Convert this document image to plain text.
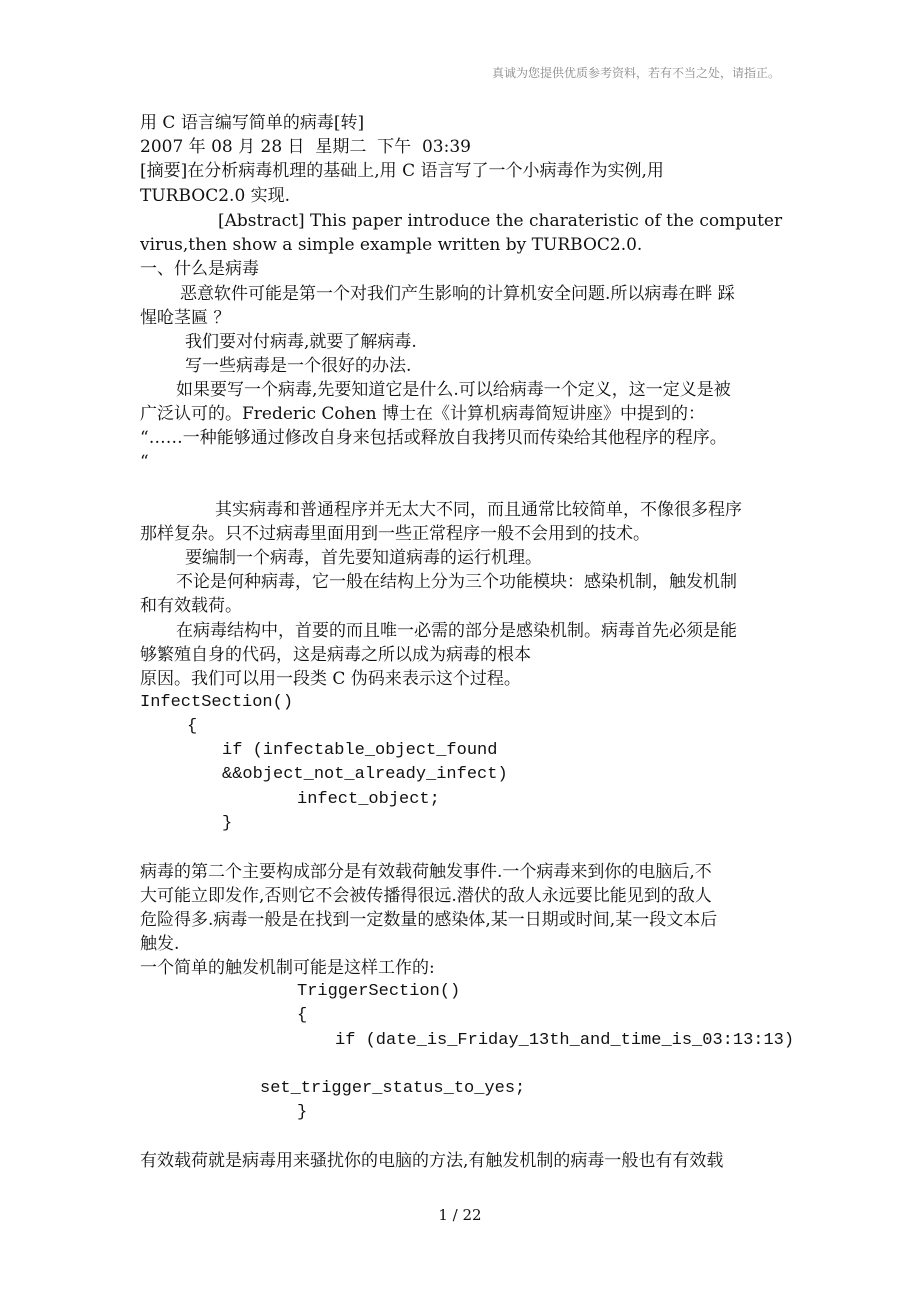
真诚为您提供优质参考资料，若有不当之处，请指正。
用 C 语言编写简单的病毒[转]
2007 年 08 月 28 日  星期二  下午  03:39
[摘要]在分析病毒机理的基础上,用 C 语言写了一个小病毒作为实例,用
TURBOC2.0 实现.
[Abstract] This paper introduce the charateristic of the computer
virus,then show a simple example written by TURBOC2.0.
一、什么是病毒
恶意软件可能是第一个对我们产生影响的计算机安全问题.所以病毒在畔 踩
惺呛茎匾 ？
我们要对付病毒,就要了解病毒.
写一些病毒是一个很好的办法.
如果要写一个病毒,先要知道它是什么.可以给病毒一个定义，这一定义是被
广泛认可的。Frederic Cohen 博士在《计算机病毒简短讲座》中提到的：
“……一种能够通过修改自身来包括或释放自我拷贝而传染给其他程序的程序。
“
其实病毒和普通程序并无太大不同，而且通常比较简单，不像很多程序
那样复杂。只不过病毒里面用到一些正常程序一般不会用到的技术。
要编制一个病毒，首先要知道病毒的运行机理。
不论是何种病毒，它一般在结构上分为三个功能模块：感染机制，触发机制
和有效载荷。
在病毒结构中，首要的而且唯一必需的部分是感染机制。病毒首先必须是能
够繁殖自身的代码，这是病毒之所以成为病毒的根本
原因。我们可以用一段类 C 伪码来表示这个过程。
InfectSection()
{
if (infectable_object_found
&&object_not_already_infect)
infect_object;
}
病毒的第二个主要构成部分是有效载荷触发事件.一个病毒来到你的电脑后,不
大可能立即发作,否则它不会被传播得很远.潜伏的敌人永远要比能见到的敌人
危险得多.病毒一般是在找到一定数量的感染体,某一日期或时间,某一段文本后
触发.
一个简单的触发机制可能是这样工作的:
TriggerSection()
{
if (date_is_Friday_13th_and_time_is_03:13:13)
set_trigger_status_to_yes;
}
有效载荷就是病毒用来骚扰你的电脑的方法,有触发机制的病毒一般也有有效载
1 / 22
